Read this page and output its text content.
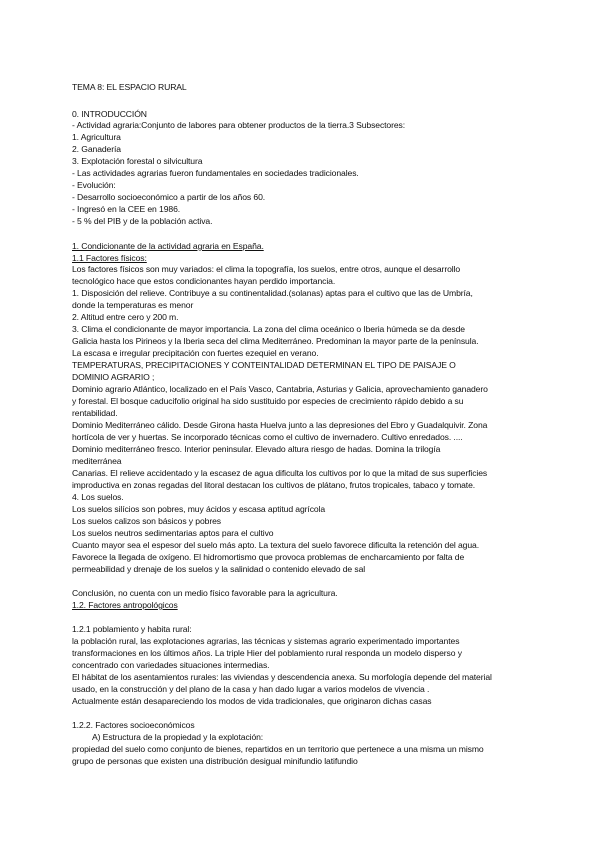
TEMA 8: EL ESPACIO RURAL
0. INTRODUCCIÓN
- Actividad agraria:Conjunto de labores para obtener productos de la tierra.3 Subsectores:
1. Agricultura
2. Ganadería
3. Explotación forestal o silvicultura
- Las actividades agrarias fueron fundamentales en sociedades tradicionales.
- Evolución:
- Desarrollo socioeconómico a partir de los años 60.
- Ingresó en la CEE en 1986.
- 5 % del PIB y de la población activa.
1. Condicionante de la actividad agraria en España.
1.1 Factores físicos:
Los factores físicos son muy variados: el clima la topografía, los suelos, entre otros, aunque el desarrollo
tecnológico hace que estos condicionantes hayan perdido importancia.
1. Disposición del relieve. Contribuye a su continentalidad.(solanas) aptas para el cultivo que las de Umbría,
donde la temperaturas es menor
2. Altitud entre cero y 200 m.
3. Clima el condicionante de mayor importancia. La zona del clima oceánico o Iberia húmeda se da desde
Galicia hasta los Pirineos y la Iberia seca del clima Mediterráneo. Predominan la mayor parte de la península.
La escasa e irregular precipitación con fuertes ezequiel en verano.
TEMPERATURAS, PRECIPITACIONES Y CONTEINTALIDAD DETERMINAN EL TIPO DE PAISAJE O
DOMINIO AGRARIO ;
Dominio agrario Atlántico, localizado en el País Vasco, Cantabria, Asturias y Galicia, aprovechamiento ganadero
y forestal. El bosque caducifolio original ha sido sustituido por especies de crecimiento rápido debido a su
rentabilidad.
Dominio Mediterráneo cálido. Desde Girona hasta Huelva junto a las depresiones del Ebro y Guadalquivir. Zona
hortícola de ver y huertas. Se incorporado técnicas como el cultivo de invernadero. Cultivo enredados. ....
Dominio mediterráneo fresco. Interior peninsular. Elevado altura riesgo de hadas. Domina la trilogía
mediterránea
Canarias. El relieve accidentado y la escasez de agua dificulta los cultivos por lo que la mitad de sus superficies
improductiva en zonas regadas del litoral destacan los cultivos de plátano, frutos tropicales, tabaco y tomate.
4. Los suelos.
Los suelos silícios son pobres, muy ácidos y escasa aptitud agrícola
Los suelos calizos son básicos y pobres
Los suelos neutros sedimentarias aptos para el cultivo
Cuanto mayor sea el espesor del suelo más apto. La textura del suelo favorece dificulta la retención del agua.
Favorece la llegada de oxígeno. El hidromortismo que provoca problemas de encharcamiento por falta de
permeabilidad y drenaje de los suelos y la salinidad o contenido elevado de sal
Conclusión, no cuenta con un medio físico favorable para la agricultura.
1.2. Factores antropológicos
1.2.1 poblamiento y habita rural:
la población rural, las explotaciones agrarias, las técnicas y sistemas agrario experimentado importantes
transformaciones en los últimos años. La triple Hier del poblamiento rural responda un modelo disperso y
concentrado con variedades situaciones intermedias.
El hábitat de los asentamientos rurales: las viviendas y descendencia anexa. Su morfología depende del material
usado, en la construcción y del plano de la casa y han dado lugar a varios modelos de vivencia .
Actualmente están desapareciendo los modos de vida tradicionales, que originaron dichas casas
1.2.2. Factores socioeconómicos
A) Estructura de la propiedad y la explotación:
propiedad del suelo como conjunto de bienes, repartidos en un territorio que pertenece a una misma un mismo
grupo de personas que existen una distribución desigual minifundio latifundio
